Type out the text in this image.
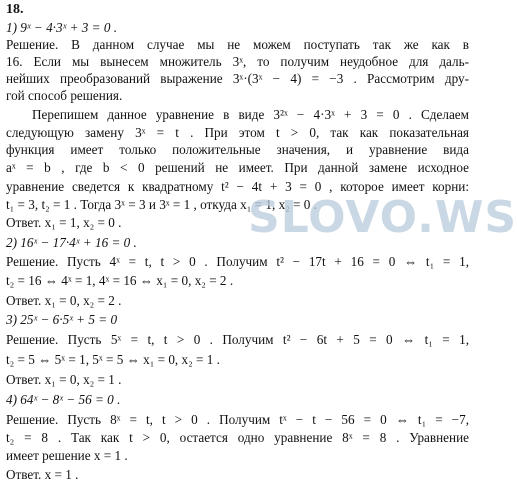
18.
1) 9ˣ − 4·3ˣ + 3 = 0 .
Решение. В данном случае мы не можем поступать так же как в
16. Если мы вынесем множитель 3ˣ, то получим неудобное для даль-
нейших преобразований выражение 3ˣ·(3ˣ − 4) = −3 . Рассмотрим дру-
гой способ решения.
Перепишем данное уравнение в виде 3²ˣ − 4·3ˣ + 3 = 0 . Сделаем
следующую замену 3ˣ = t . При этом t > 0, так как показательная
функция имеет только положительные значения, и уравнение вида
aˣ = b , где b < 0 решений не имеет. При данной замене исходное
уравнение сведется к квадратному t² − 4t + 3 = 0 , которое имеет корни:
t₁ = 3, t₂ = 1 . Тогда 3ˣ = 3 и 3ˣ = 1 , откуда x₁ = 1, x₂ = 0 .
Ответ. x₁ = 1, x₂ = 0 .
2) 16ˣ − 17·4ˣ + 16 = 0 .
Решение. Пусть 4ˣ = t, t > 0 . Получим t² − 17t + 16 = 0 ⇔ t₁ = 1,
t₂ = 16 ⇔ 4ˣ = 1, 4ˣ = 16 ⇔ x₁ = 0, x₂ = 2 .
Ответ. x₁ = 0, x₂ = 2 .
3) 25ˣ − 6·5ˣ + 5 = 0
Решение. Пусть 5ˣ = t, t > 0 . Получим t² − 6t + 5 = 0 ⇔ t₁ = 1,
t₂ = 5 ⇔ 5ˣ = 1, 5ˣ = 5 ⇔ x₁ = 0, x₂ = 1 .
Ответ. x₁ = 0, x₂ = 1 .
4) 64ˣ − 8ˣ − 56 = 0 .
Решение. Пусть 8ˣ = t, t > 0 . Получим tˣ − t − 56 = 0 ⇔ t₁ = −7,
t₂ = 8 . Так как t > 0, остается одно уравнение 8ˣ = 8 . Уравнение
имеет решение x = 1 .
Ответ. x = 1 .
SLOVO.WS
